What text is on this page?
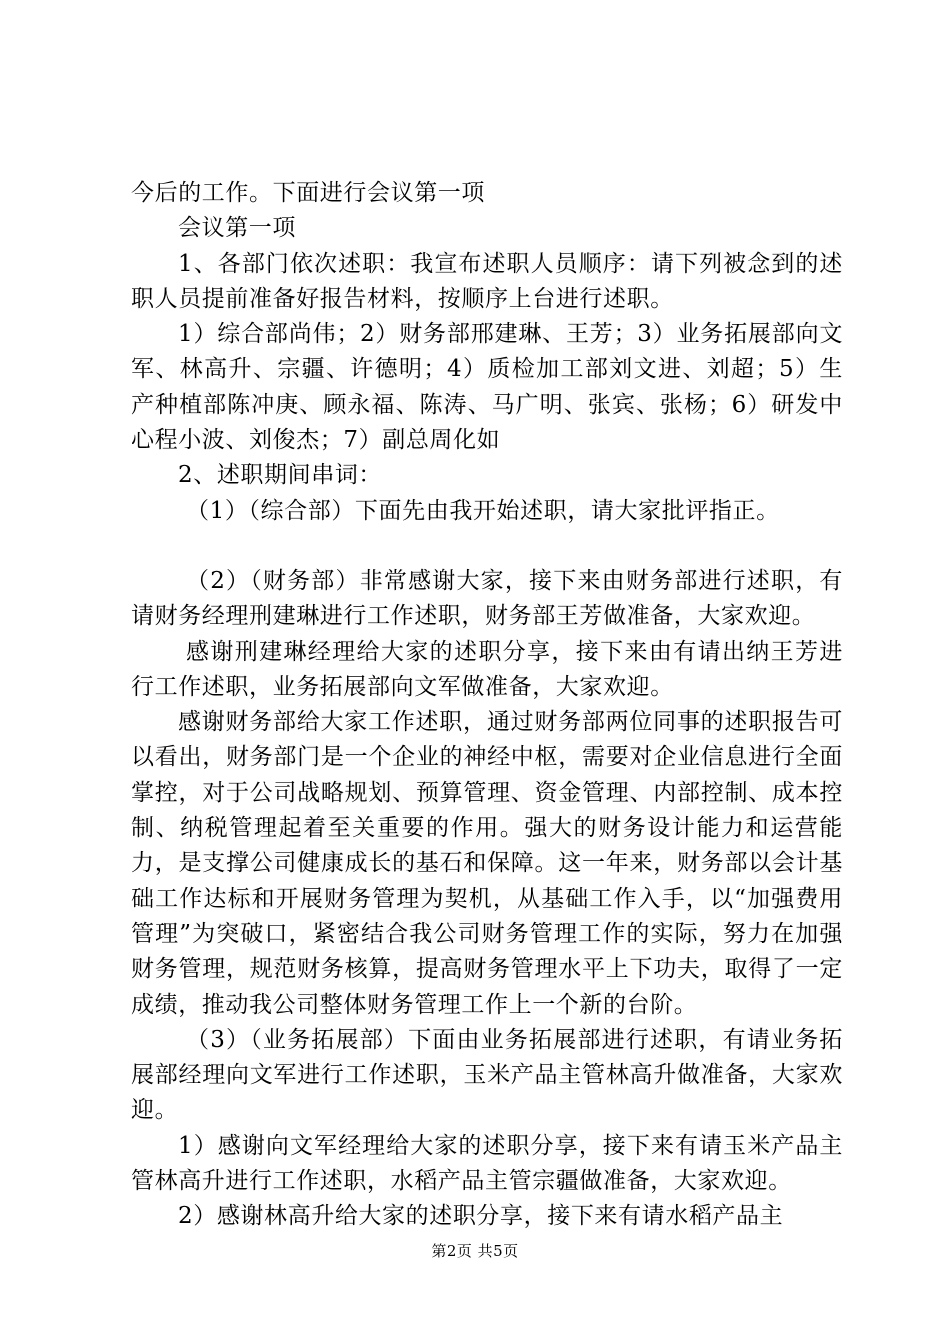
今后的工作。下面进行会议第一项

会议第一项

1、各部门依次述职：我宣布述职人员顺序：请下列被念到的述职人员提前准备好报告材料，按顺序上台进行述职。

1）综合部尚伟；2）财务部邢建琳、王芳；3）业务拓展部向文军、林高升、宗疆、许德明；4）质检加工部刘文进、刘超；5）生产种植部陈冲庚、顾永福、陈涛、马广明、张宾、张杨；6）研发中心程小波、刘俊杰；7）副总周化如

2、述职期间串词：

（1）（综合部）下面先由我开始述职，请大家批评指正。

（2）（财务部）非常感谢大家，接下来由财务部进行述职，有请财务经理刑建琳进行工作述职，财务部王芳做准备，大家欢迎。

感谢刑建琳经理给大家的述职分享，接下来由有请出纳王芳进行工作述职，业务拓展部向文军做准备，大家欢迎。

感谢财务部给大家工作述职，通过财务部两位同事的述职报告可以看出，财务部门是一个企业的神经中枢，需要对企业信息进行全面掌控，对于公司战略规划、预算管理、资金管理、内部控制、成本控制、纳税管理起着至关重要的作用。强大的财务设计能力和运营能力，是支撑公司健康成长的基石和保障。这一年来，财务部以会计基础工作达标和开展财务管理为契机，从基础工作入手，以“加强费用管理”为突破口，紧密结合我公司财务管理工作的实际，努力在加强财务管理，规范财务核算，提高财务管理水平上下功夫，取得了一定成绩，推动我公司整体财务管理工作上一个新的台阶。

（3）（业务拓展部）下面由业务拓展部进行述职，有请业务拓展部经理向文军进行工作述职，玉米产品主管林高升做准备，大家欢迎。

1）感谢向文军经理给大家的述职分享，接下来有请玉米产品主管林高升进行工作述职，水稻产品主管宗疆做准备，大家欢迎。

2）感谢林高升给大家的述职分享，接下来有请水稻产品主

第2页 共5页
